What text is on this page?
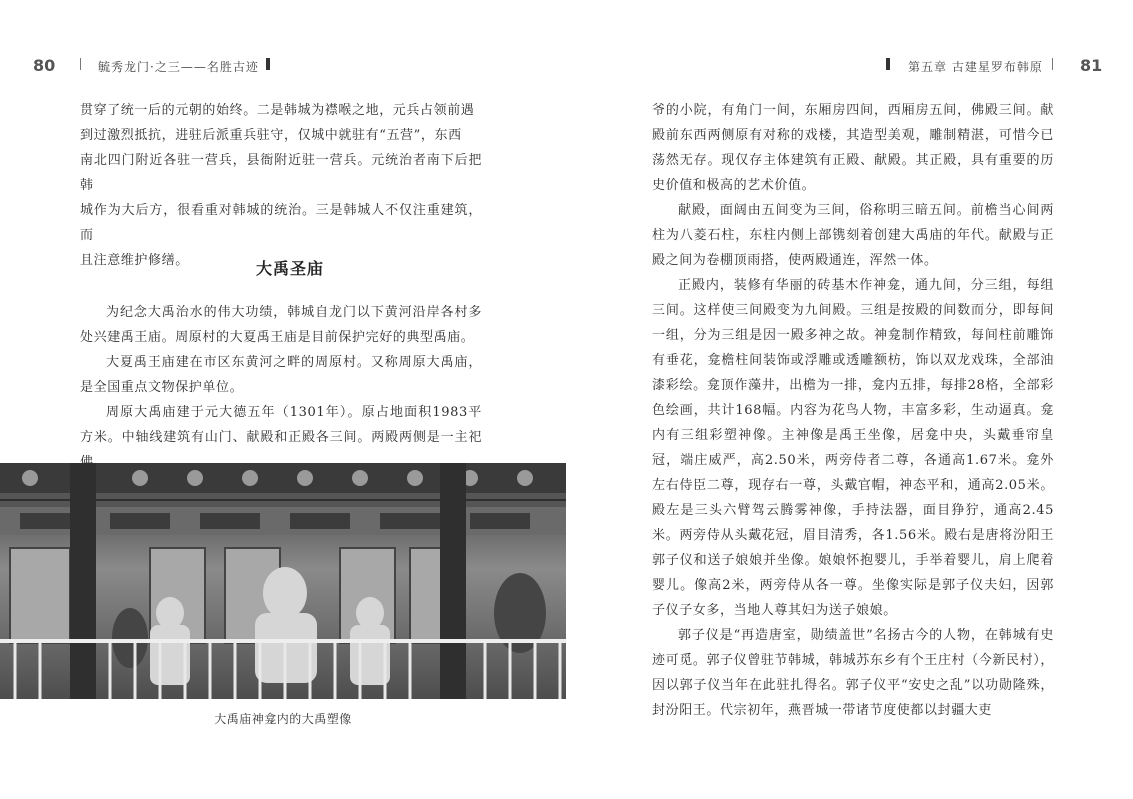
80	毓秀龙门·之三——名胜古迹

贯穿了统一后的元朝的始终。二是韩城为襟喉之地，元兵占领前遇

到过激烈抵抗，进驻后派重兵驻守，仅城中就驻有“五营”，东西

南北四门附近各驻一营兵，县衙附近驻一营兵。元统治者南下后把韩

城作为大后方，很看重对韩城的统治。三是韩城人不仅注重建筑，而

且注意维护修缮。	大禹圣庙

为纪念大禹治水的伟大功绩，韩城自龙门以下黄河沿岸各村多处兴建禹王庙。周原村的大夏禹王庙是目前保护完好的典型禹庙。

大夏禹王庙建在市区东黄河之畔的周原村。又称周原大禹庙，是全国重点文物保护单位。

周原大禹庙建于元大德五年（1301年）。原占地面积1983平方米。中轴线建筑有山门、献殿和正殿各三间。两殿两侧是一主祀

大禹庙神龛内的大禹塑像
第五章 古建星罗布韩原 81

爷的小院，有角门一间，东厢房四间，西厢房五间，佛殿三间。献殿前东西两侧原有对称的戏楼，其造型美观，雕制精湛，可惜今已荡然无存。现仅存主体建筑有正殿、献殿。其正殿，具有重要的历史价值和极高的艺术价值。

献殿，面阔由五间变为三间，俗称明三暗五间。前檐当心间两柱为八菱石柱，东柱内侧上部镌刻着创建大禹庙的年代。献殿与正殿之间为卷棚顶雨搭，使两殿通连，浑然一体。

正殿内，装修有华丽的砖基木作神龛，通九间，分三组，每组三间。这样使三间殿变为九间殿。三组是按殿的间数而分，即每间一组，分为三组是因一殿多神之故。神龛制作精致，每间柱前雕饰有垂花，龛檐柱间装饰或浮雕或透雕额枋，饰以双龙戏珠，全部油漆彩绘。龛顶作藻井，出檐为一排，龛内五排，每排28格，全部彩色绘画，共计168幅。内容为花鸟人物，丰富多彩，生动逼真。龛内有三组彩塑神像。主神像是禹王坐像，居龛中央，头戴垂帘皇冠，端庄威严，高2.50米，两旁侍者二尊，各通高1.67米。龛外左右侍臣二尊，现存右一尊，头戴官帽，神态平和，通高2.05米。殿左是三头六臂驾云腾雾神像，手持法器，面目狰狞，通高2.45米。两旁侍从头戴花冠，眉目清秀，各1.56米。殿右是唐将汾阳王郭子仪和送子娘娘并坐像。娘娘怀抱婴儿，手举着婴儿，肩上爬着婴儿。像高2米，两旁侍从各一尊。坐像实际是郭子仪夫妇，因郭子仪子女多，当地人尊其妇为送子娘娘。

郭子仪是“再造唐室，勋绩盖世”名扬古今的人物，在韩城有史迹可觅。郭子仪曾驻节韩城，韩城苏东乡有个王庄村（今新民村），因以郭子仪当年在此驻扎得名。郭子仪平“安史之乱”以功勋隆殊，封汾阳王。代宗初年，燕晋城一带诸节度使都以封疆大吏
